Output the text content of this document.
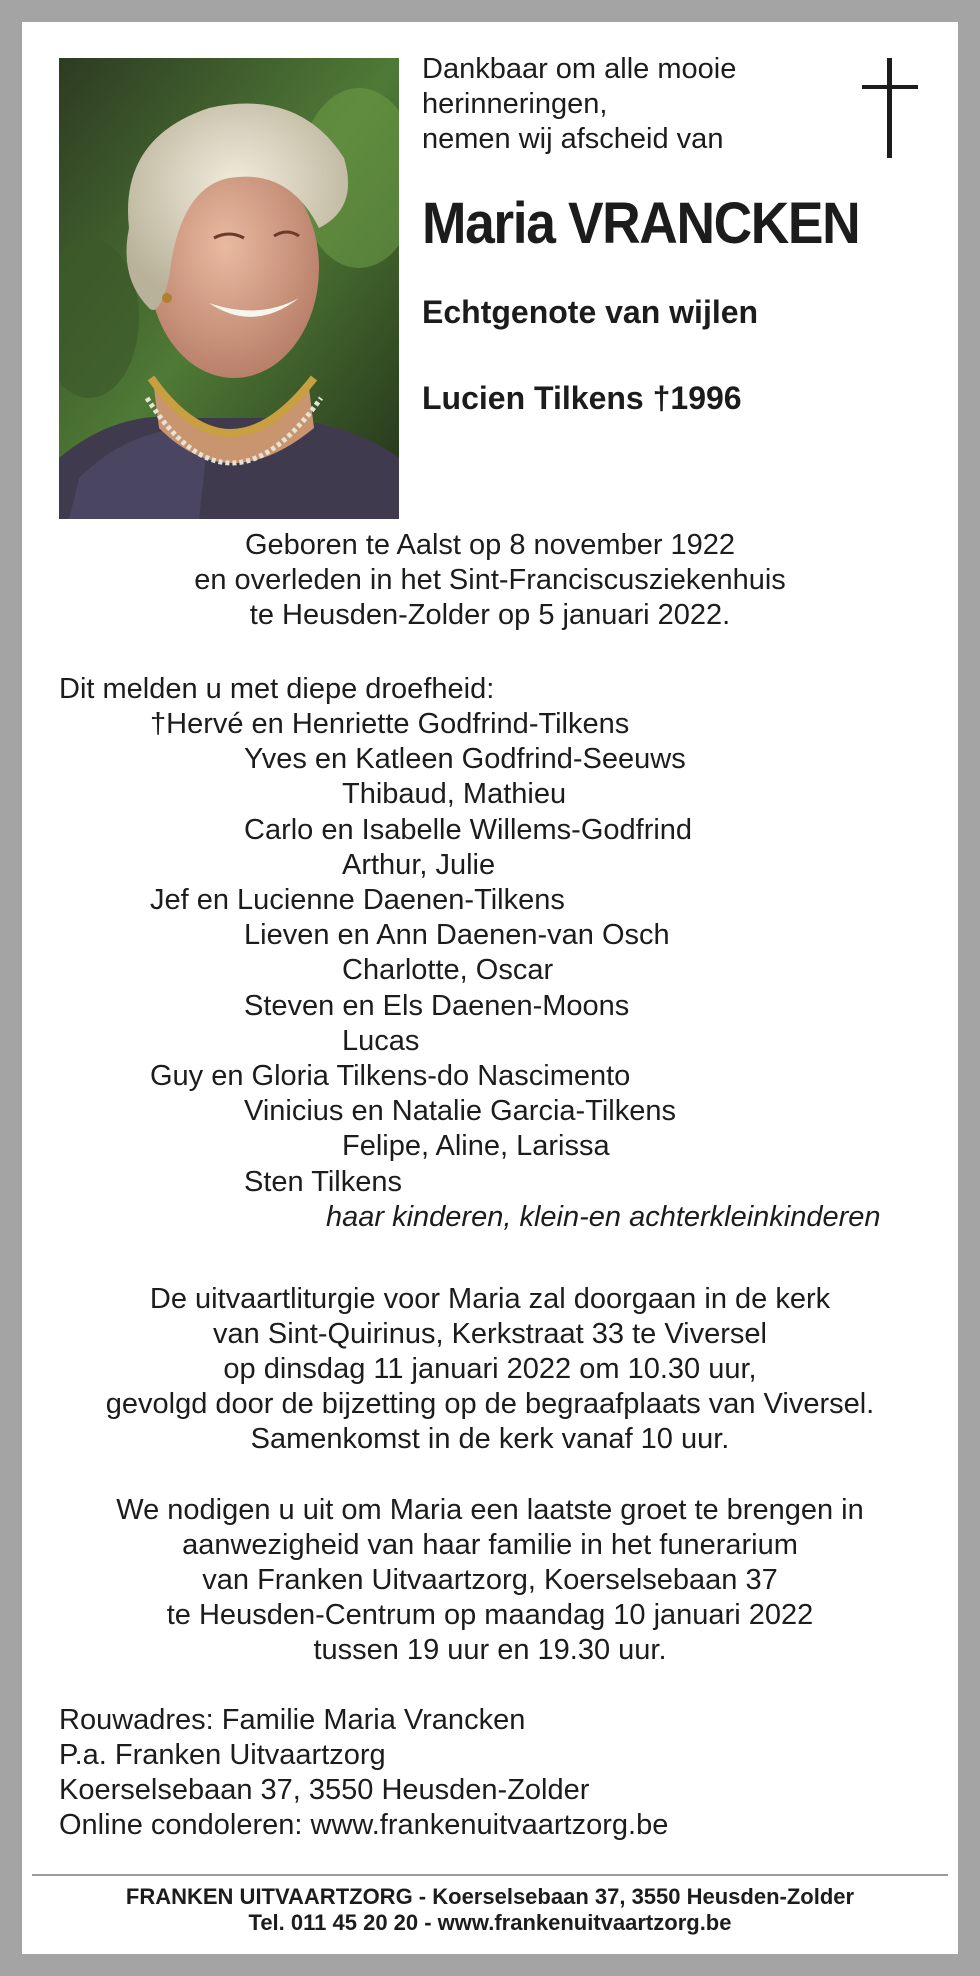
Dankbaar om alle mooie
herinneringen,
nemen wij afscheid van
Maria VRANCKEN
Echtgenote van wijlen
Lucien Tilkens †1996
Geboren te Aalst op 8 november 1922
en overleden in het Sint-Franciscusziekenhuis
te Heusden-Zolder op 5 januari 2022.
Dit melden u met diepe droefheid:
†Hervé en Henriette Godfrind-Tilkens
Yves en Katleen Godfrind-Seeuws
Thibaud, Mathieu
Carlo en Isabelle Willems-Godfrind
Arthur, Julie
Jef en Lucienne Daenen-Tilkens
Lieven en Ann Daenen-van Osch
Charlotte, Oscar
Steven en Els Daenen-Moons
Lucas
Guy en Gloria Tilkens-do Nascimento
Vinicius en Natalie Garcia-Tilkens
Felipe, Aline, Larissa
Sten Tilkens
haar kinderen, klein-en achterkleinkinderen
De uitvaartliturgie voor Maria zal doorgaan in de kerk
van Sint-Quirinus, Kerkstraat 33 te Viversel
op dinsdag 11 januari 2022 om 10.30 uur,
gevolgd door de bijzetting op de begraafplaats van Viversel.
Samenkomst in de kerk vanaf 10 uur.
We nodigen u uit om Maria een laatste groet te brengen in
aanwezigheid van haar familie in het funerarium
van Franken Uitvaartzorg, Koerselsebaan 37
te Heusden-Centrum op maandag 10 januari 2022
tussen 19 uur en 19.30 uur.
Rouwadres: Familie Maria Vrancken
P.a. Franken Uitvaartzorg
Koerselsebaan 37, 3550 Heusden-Zolder
Online condoleren: www.frankenuitvaartzorg.be
FRANKEN UITVAARTZORG - Koerselsebaan 37, 3550 Heusden-Zolder
Tel. 011 45 20 20 - www.frankenuitvaartzorg.be
